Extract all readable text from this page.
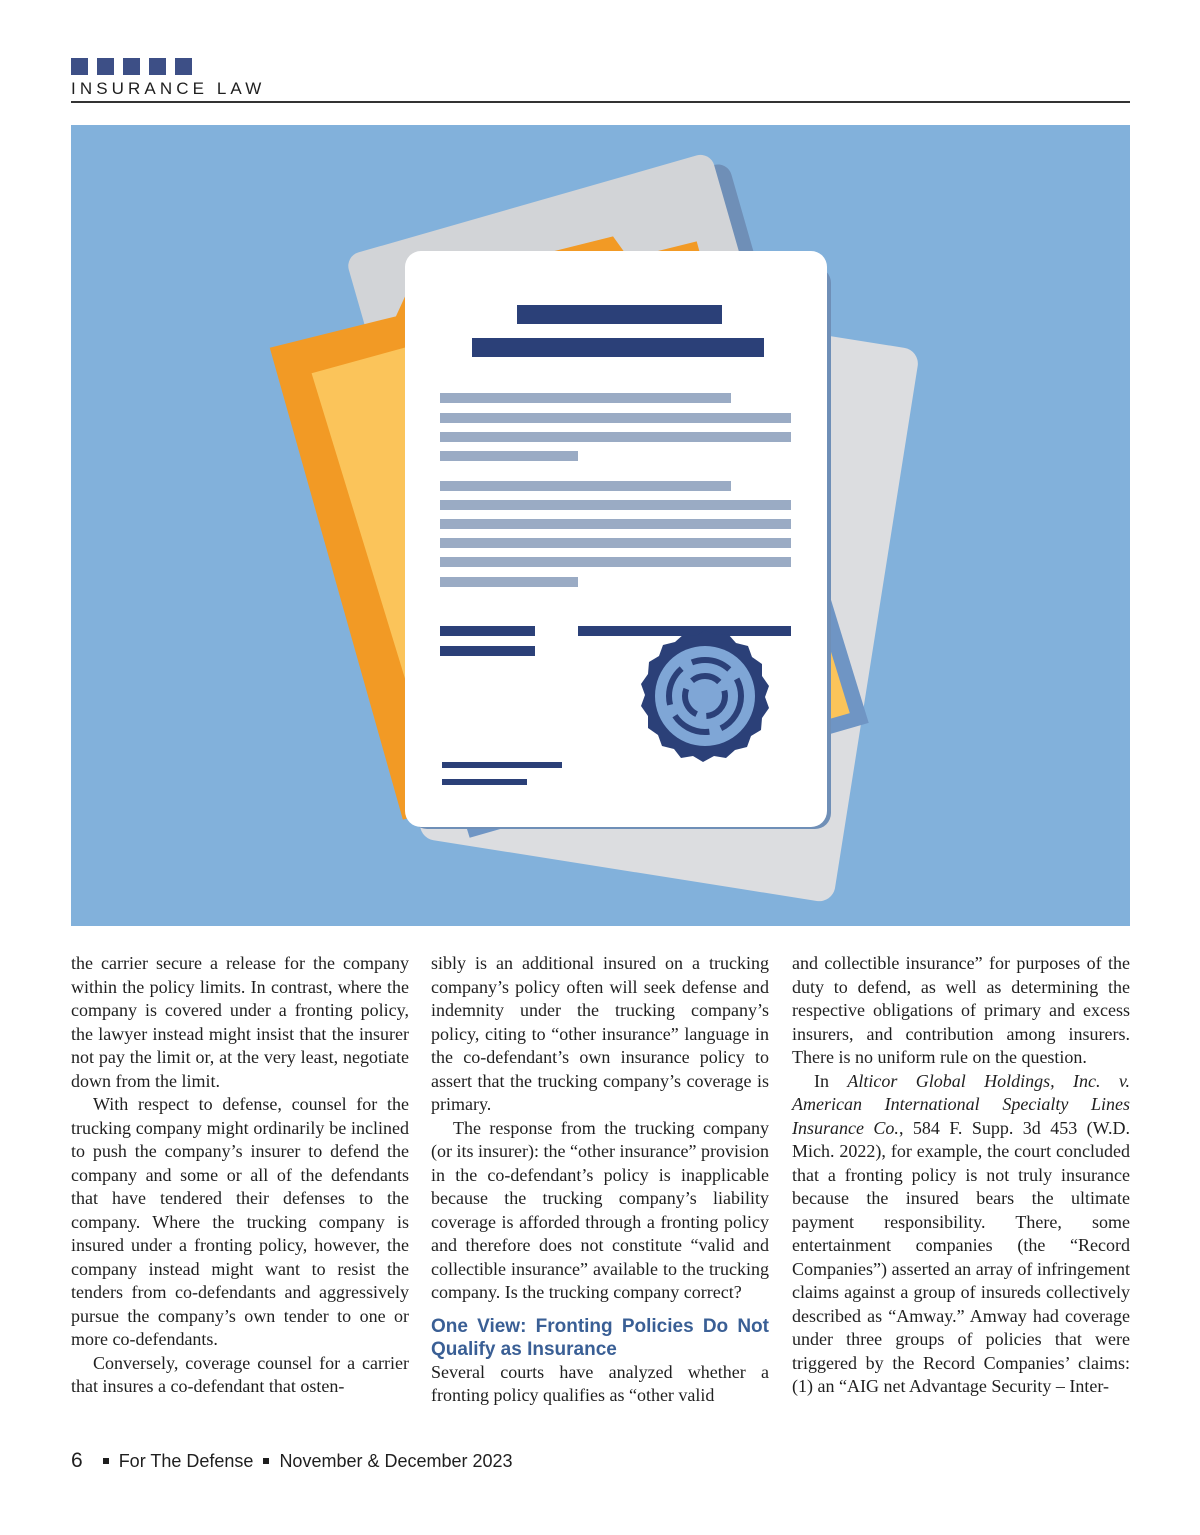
INSURANCE LAW

the carrier secure a release for the company within the policy limits. In contrast, where the company is covered under a fronting policy, the lawyer instead might insist that the insurer not pay the limit or, at the very least, negotiate down from the limit.

With respect to defense, counsel for the trucking company might ordinarily be inclined to push the company’s insurer to defend the company and some or all of the defendants that have tendered their defenses to the company. Where the trucking company is insured under a fronting policy, however, the company instead might want to resist the tenders from co-defendants and aggressively pursue the company’s own tender to one or more co-defendants.

Conversely, coverage counsel for a carrier that insures a co-defendant that osten-

sibly is an additional insured on a trucking company’s policy often will seek defense and indemnity under the trucking company’s policy, citing to “other insurance” language in the co-defendant’s own insurance policy to assert that the trucking company’s coverage is primary.

The response from the trucking company (or its insurer): the “other insurance” provision in the co-defendant’s policy is inapplicable because the trucking company’s liability coverage is afforded through a fronting policy and therefore does not constitute “valid and collectible insurance” available to the trucking company. Is the trucking company correct?

One View: Fronting Policies Do Not Qualify as Insurance

Several courts have analyzed whether a fronting policy qualifies as “other valid

and collectible insurance” for purposes of the duty to defend, as well as determining the respective obligations of primary and excess insurers, and contribution among insurers. There is no uniform rule on the question.

In Alticor Global Holdings, Inc. v. American International Specialty Lines Insurance Co., 584 F. Supp. 3d 453 (W.D. Mich. 2022), for example, the court concluded that a fronting policy is not truly insurance because the insured bears the ultimate payment responsibility. There, some entertainment companies (the “Record Companies”) asserted an array of infringement claims against a group of insureds collectively described as “Amway.” Amway had coverage under three groups of policies that were triggered by the Record Companies’ claims: (1) an “AIG net Advantage Security – Inter-

6 For The Defense November & December 2023
